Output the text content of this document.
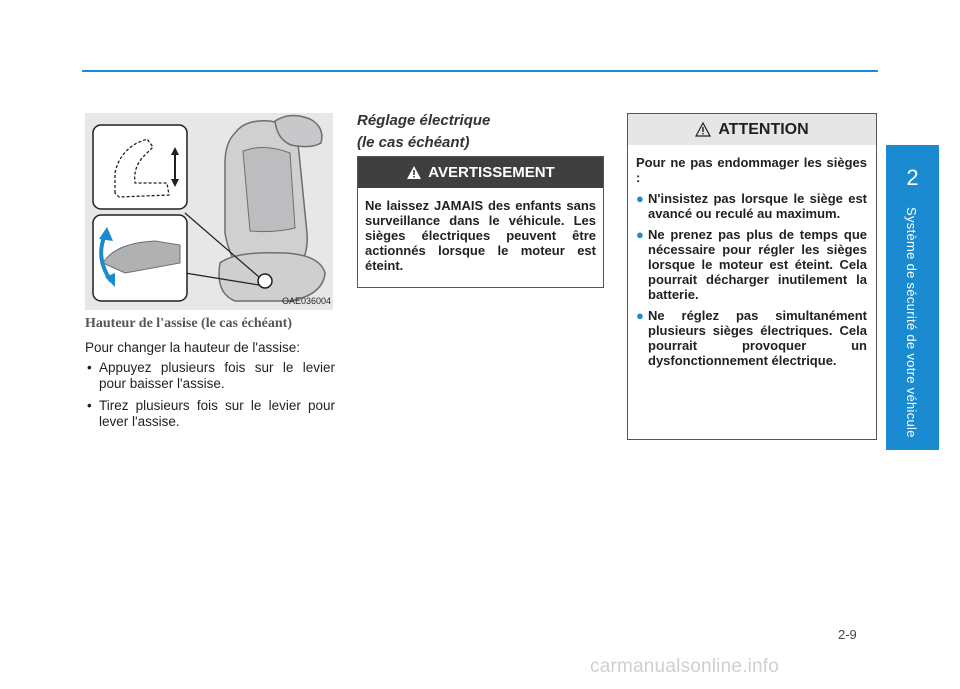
2
Système de sécurité de votre véhicule
OAE036004
Hauteur de l'assise (le cas échéant)

Pour changer la hauteur de l'assise:

• Appuyez plusieurs fois sur le levier pour baisser l'assise.
• Tirez plusieurs fois sur le levier pour lever l'assise.
Réglage électrique
(le cas échéant)
AVERTISSEMENT
Ne laissez JAMAIS des enfants sans surveillance dans le véhicule. Les sièges électriques peuvent être actionnés lorsque le moteur est éteint.
ATTENTION

Pour ne pas endommager les sièges :

● N'insistez pas lorsque le siège est avancé ou reculé au maximum.
● Ne prenez pas plus de temps que nécessaire pour régler les sièges lorsque le moteur est éteint. Cela pourrait décharger inutilement la batterie.
● Ne réglez pas simultanément plusieurs sièges électriques. Cela pourrait provoquer un dysfonctionnement électrique.
2-9
carmanualsonline.info
